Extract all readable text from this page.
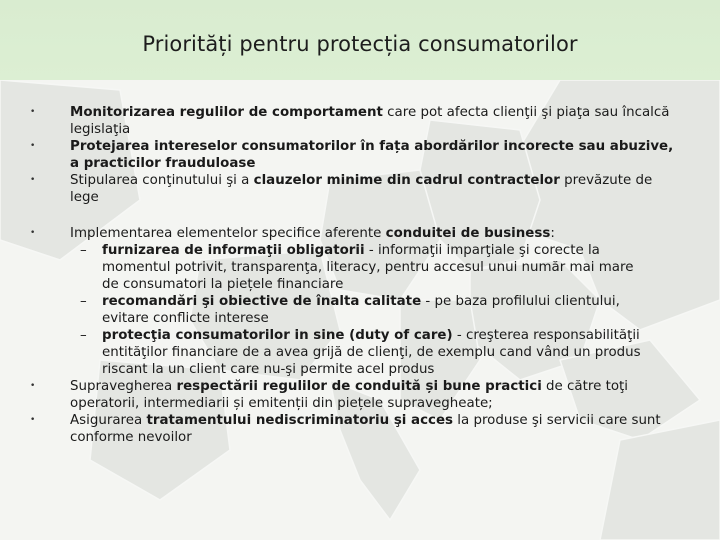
Priorități pentru protecția consumatorilor
•	Monitorizarea regulilor de comportament care pot afecta clienţii şi piaţa sau încalcă legislaţia
•	Protejarea intereselor consumatorilor în fața abordărilor incorecte sau abuzive, a practicilor frauduloase
•	Stipularea conţinutului şi a clauzelor minime din cadrul contractelor prevăzute de lege
•	Implementarea elementelor specifice aferente conduitei de business:
– furnizarea de informaţii obligatorii - informaţii imparţiale şi corecte la momentul potrivit, transparenţa, literacy, pentru accesul unui număr mai mare de consumatori la piețele financiare
– recomandări şi obiective de înalta calitate - pe baza profilului clientului, evitare conflicte interese
– protecţia consumatorilor in sine (duty of care) - creşterea responsabilităţii entităţilor financiare de a avea grijă de clienţi, de exemplu cand vând un produs riscant la un client care nu-şi permite acel produs
•	Supravegherea respectării regulilor de conduită și bune practici de către toţi operatorii, intermediarii și emitenții din piețele supravegheate;
•	Asigurarea tratamentului nediscriminatoriu şi acces la produse şi servicii care sunt conforme nevoilor
